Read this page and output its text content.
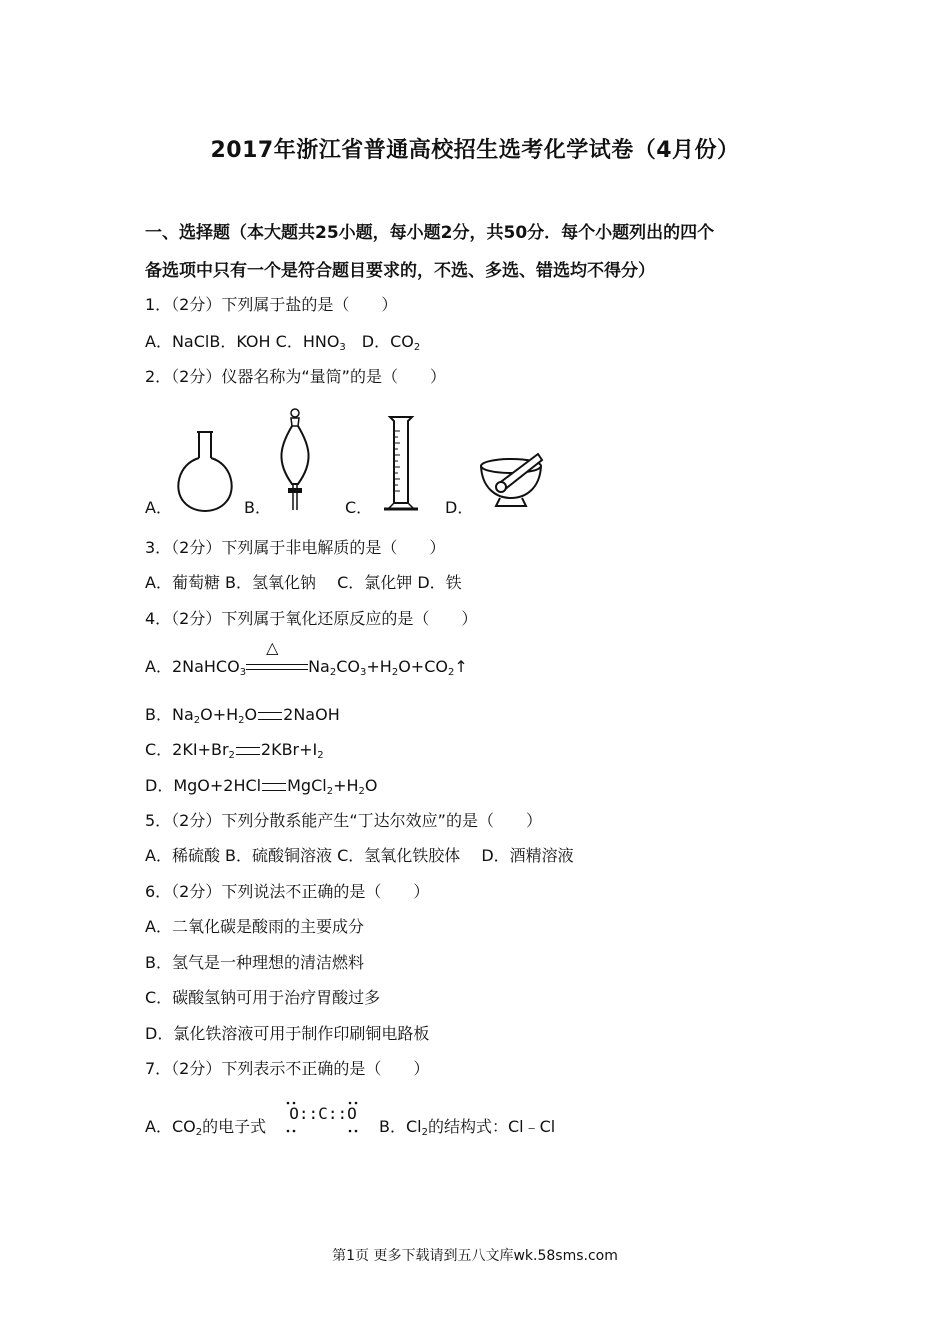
2017年浙江省普通高校招生选考化学试卷（4月份）
一、选择题（本大题共25小题，每小题2分，共50分．每个小题列出的四个
备选项中只有一个是符合题目要求的，不选、多选、错选均不得分）
1．（2分）下列属于盐的是（　　）
A．NaClB．KOH C．$HNO_3$　D．$CO_2$
2．（2分）仪器名称为“量筒”的是（　　）
A．	B．	C．	D．
3．（2分）下列属于非电解质的是（　　）
A．葡萄糖 B．氢氧化钠　 C．氯化钾 D．铁
4．（2分）下列属于氧化还原反应的是（　　）
A．2NaHCO$_3$
△
$Na_2CO_3+H_2O+CO_2↑$
B．$Na_2O+H_2O$ 2NaOH
C．$2KI+Br_2$ $2KBr+I_2$
D．MgO+2HCl $MgCl_2+H_2O$
5．（2分）下列分散系能产生“丁达尔效应”的是（　　）
A．稀硫酸 B．硫酸铜溶液 C．氢氧化铁胶体　 D．酒精溶液
6．（2分）下列说法不正确的是（　　）
A．二氧化碳是酸雨的主要成分
B．氢气是一种理想的清洁燃料
C．碳酸氢钠可用于治疗胃酸过多
D．氯化铁溶液可用于制作印刷铜电路板
7．（2分）下列表示不正确的是（　　）
A．$CO_2$的电子式
O::C::O
B．$Cl_2$的结构式：Cl﹣Cl
第1页 更多下载请到五八文库wk.58sms.com
